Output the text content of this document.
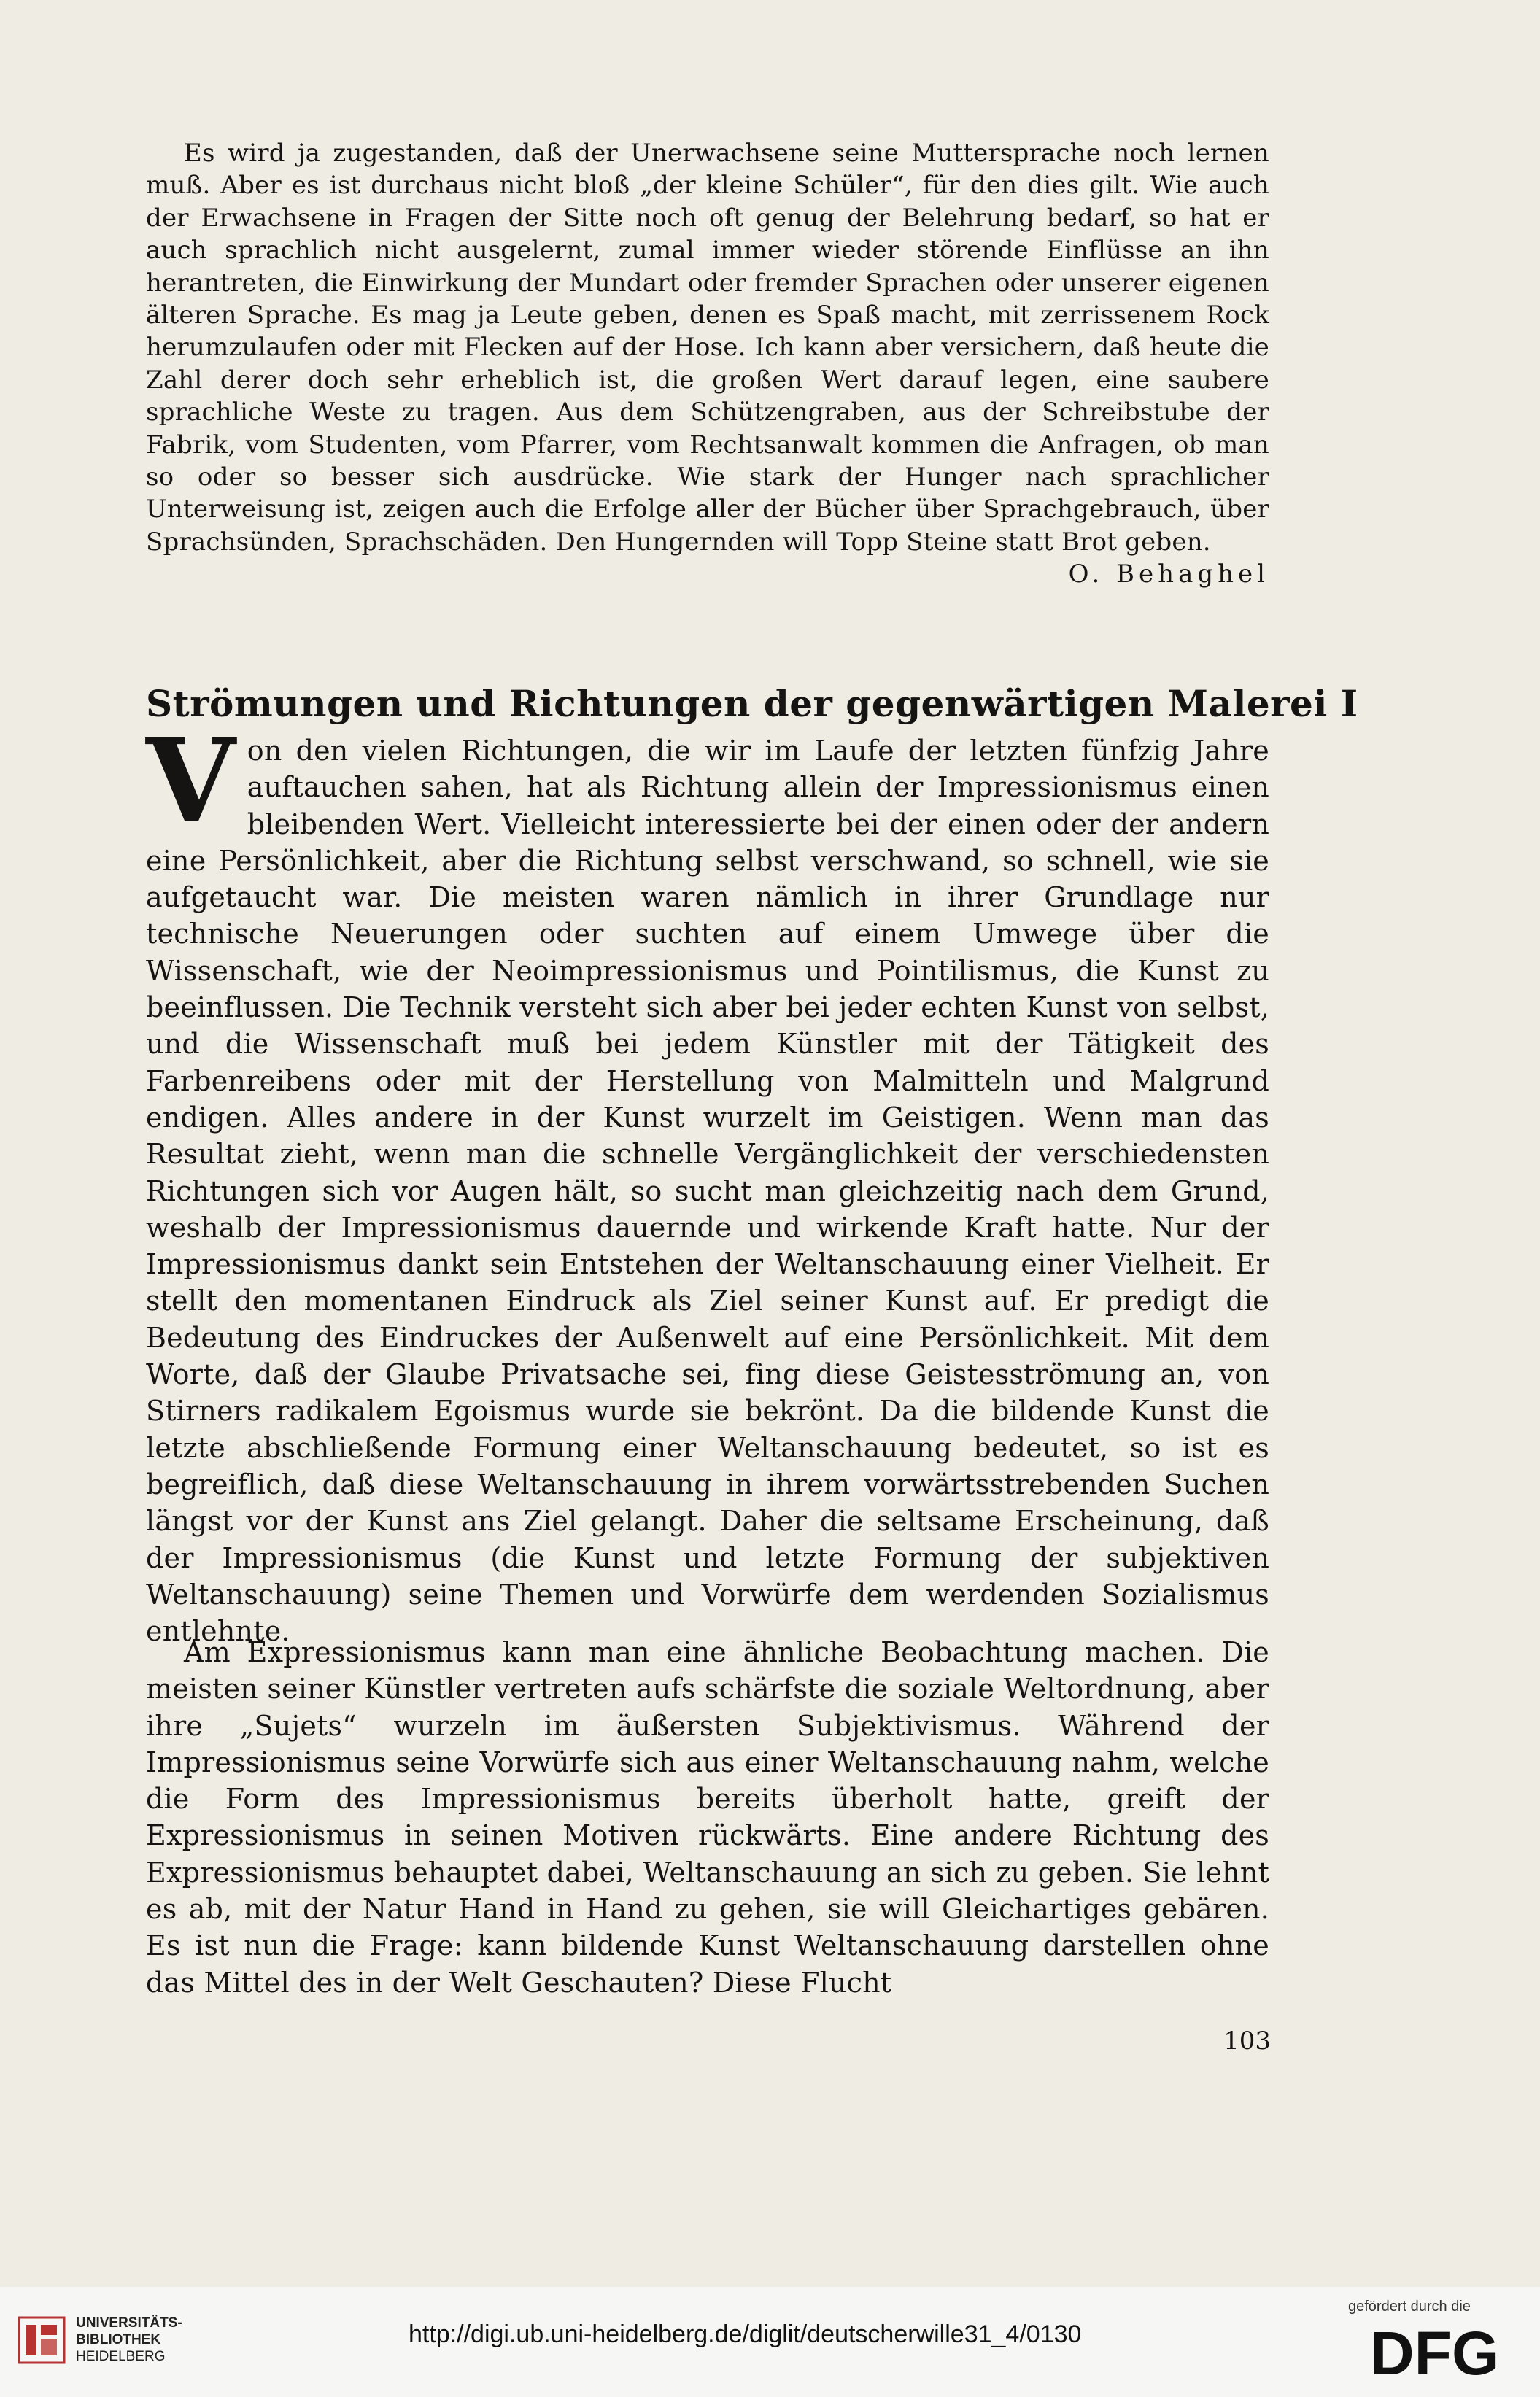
Es wird ja zugestanden, daß der Unerwachsene seine Muttersprache noch lernen muß. Aber es ist durchaus nicht bloß „der kleine Schüler“, für den dies gilt. Wie auch der Erwachsene in Fragen der Sitte noch oft genug der Belehrung bedarf, so hat er auch sprachlich nicht ausgelernt, zumal immer wieder störende Einflüsse an ihn herantreten, die Einwirkung der Mundart oder fremder Sprachen oder unserer eigenen älteren Sprache. Es mag ja Leute geben, denen es Spaß macht, mit zerrissenem Rock herumzulaufen oder mit Flecken auf der Hose. Ich kann aber versichern, daß heute die Zahl derer doch sehr erheblich ist, die großen Wert darauf legen, eine saubere sprachliche Weste zu tragen. Aus dem Schützengraben, aus der Schreibstube der Fabrik, vom Studenten, vom Pfarrer, vom Rechtsanwalt kommen die Anfragen, ob man so oder so besser sich ausdrücke. Wie stark der Hunger nach sprachlicher Unterweisung ist, zeigen auch die Erfolge aller der Bücher über Sprachgebrauch, über Sprachsünden, Sprachschäden. Den Hungernden will Topp Steine statt Brot geben.
O. Behaghel

Strömungen und Richtungen der gegenwärtigen Malerei I

Von den vielen Richtungen, die wir im Laufe der letzten fünfzig Jahre auftauchen sahen, hat als Richtung allein der Impressionismus einen bleibenden Wert. Vielleicht interessierte bei der einen oder der andern eine Persönlichkeit, aber die Richtung selbst verschwand, so schnell, wie sie aufgetaucht war. Die meisten waren nämlich in ihrer Grundlage nur technische Neuerungen oder suchten auf einem Umwege über die Wissenschaft, wie der Neoimpressionismus und Pointilismus, die Kunst zu beeinflussen. Die Technik versteht sich aber bei jeder echten Kunst von selbst, und die Wissenschaft muß bei jedem Künstler mit der Tätigkeit des Farbenreibens oder mit der Herstellung von Malmitteln und Malgrund endigen. Alles andere in der Kunst wurzelt im Geistigen. Wenn man das Resultat zieht, wenn man die schnelle Vergänglichkeit der verschiedensten Richtungen sich vor Augen hält, so sucht man gleichzeitig nach dem Grund, weshalb der Impressionismus dauernde und wirkende Kraft hatte. Nur der Impressionismus dankt sein Entstehen der Weltanschauung einer Vielheit. Er stellt den momentanen Eindruck als Ziel seiner Kunst auf. Er predigt die Bedeutung des Eindruckes der Außenwelt auf eine Persönlichkeit. Mit dem Worte, daß der Glaube Privatsache sei, fing diese Geistesströmung an, von Stirners radikalem Egoismus wurde sie bekrönt. Da die bildende Kunst die letzte abschließende Formung einer Weltanschauung bedeutet, so ist es begreiflich, daß diese Weltanschauung in ihrem vorwärtsstrebenden Suchen längst vor der Kunst ans Ziel gelangt. Daher die seltsame Erscheinung, daß der Impressionismus (die Kunst und letzte Formung der subjektiven Weltanschauung) seine Themen und Vorwürfe dem werdenden Sozialismus entlehnte.

Am Expressionismus kann man eine ähnliche Beobachtung machen. Die meisten seiner Künstler vertreten aufs schärfste die soziale Weltordnung, aber ihre „Sujets“ wurzeln im äußersten Subjektivismus. Während der Impressionismus seine Vorwürfe sich aus einer Weltanschauung nahm, welche die Form des Impressionismus bereits überholt hatte, greift der Expressionismus in seinen Motiven rückwärts. Eine andere Richtung des Expressionismus behauptet dabei, Weltanschauung an sich zu geben. Sie lehnt es ab, mit der Natur Hand in Hand zu gehen, sie will Gleichartiges gebären. Es ist nun die Frage: kann bildende Kunst Weltanschauung darstellen ohne das Mittel des in der Welt Geschauten? Diese Flucht

103
UNIVERSITÄTS-
BIBLIOTHEK
HEIDELBERG
http://digi.ub.uni-heidelberg.de/diglit/deutscherwille31_4/0130
gefördert durch die
DFG
